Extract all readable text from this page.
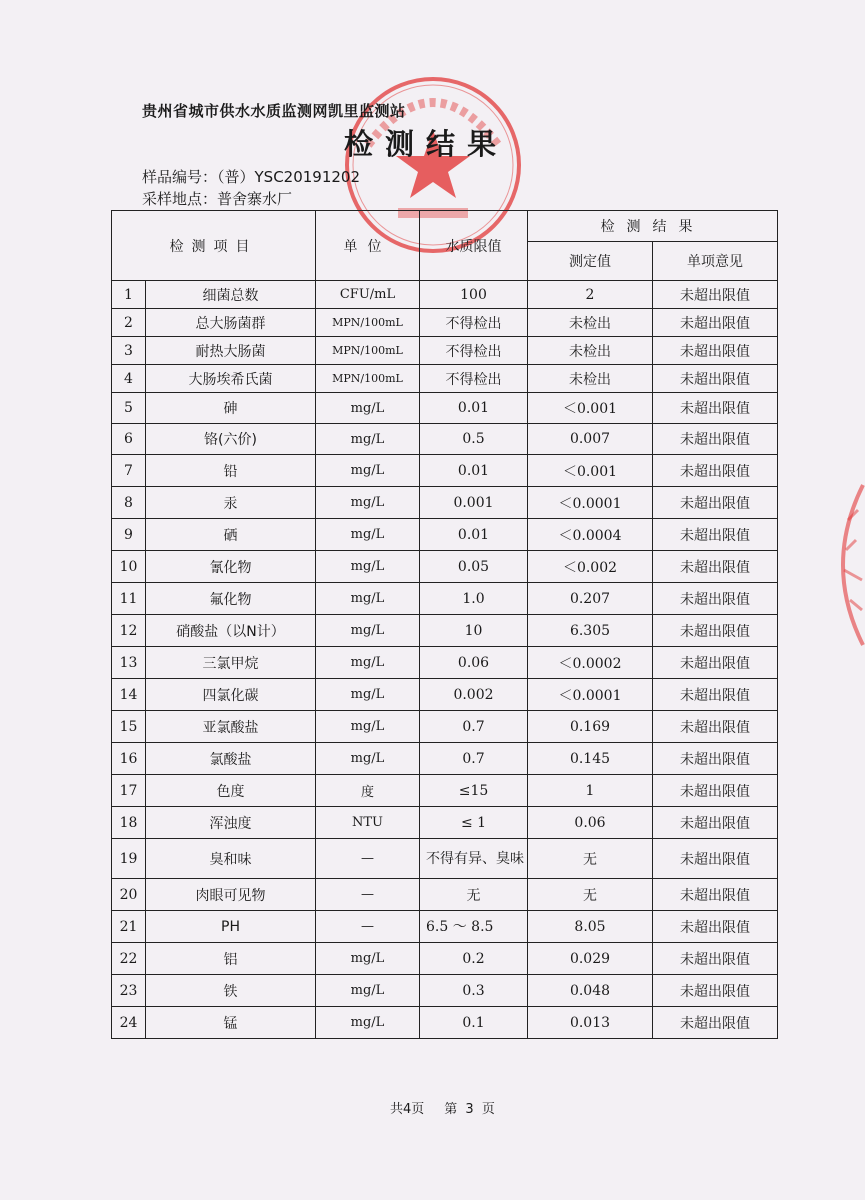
贵州省城市供水水质监测网凯里监测站
检测结果
样品编号：（普）YSC20191202
采样地点：普舍寨水厂
检测项目		单位	水质限值	检测结果	
				测定值	单项意见
1	细菌总数	CFU/mL	100	2	未超出限值
2	总大肠菌群	MPN/100mL	不得检出	未检出	未超出限值
3	耐热大肠菌	MPN/100mL	不得检出	未检出	未超出限值
4	大肠埃希氏菌	MPN/100mL	不得检出	未检出	未超出限值
5	砷	mg/L	0.01	＜0.001	未超出限值
6	铬(六价)	mg/L	0.5	0.007	未超出限值
7	铅	mg/L	0.01	＜0.001	未超出限值
8	汞	mg/L	0.001	＜0.0001	未超出限值
9	硒	mg/L	0.01	＜0.0004	未超出限值
10	氰化物	mg/L	0.05	＜0.002	未超出限值
11	氟化物	mg/L	1.0	0.207	未超出限值
12	硝酸盐（以N计）	mg/L	10	6.305	未超出限值
13	三氯甲烷	mg/L	0.06	＜0.0002	未超出限值
14	四氯化碳	mg/L	0.002	＜0.0001	未超出限值
15	亚氯酸盐	mg/L	0.7	0.169	未超出限值
16	氯酸盐	mg/L	0.7	0.145	未超出限值
17	色度	度	≤15	1	未超出限值
18	浑浊度	NTU	≤ 1	0.06	未超出限值
19	臭和味	—	不得有异、臭味	无	未超出限值
20	肉眼可见物	—	无	无	未超出限值
21	PH	—	6.5 ～ 8.5	8.05	未超出限值
22	铝	mg/L	0.2	0.029	未超出限值
23	铁	mg/L	0.3	0.048	未超出限值
24	锰	mg/L	0.1	0.013	未超出限值
共4页 第 3 页
